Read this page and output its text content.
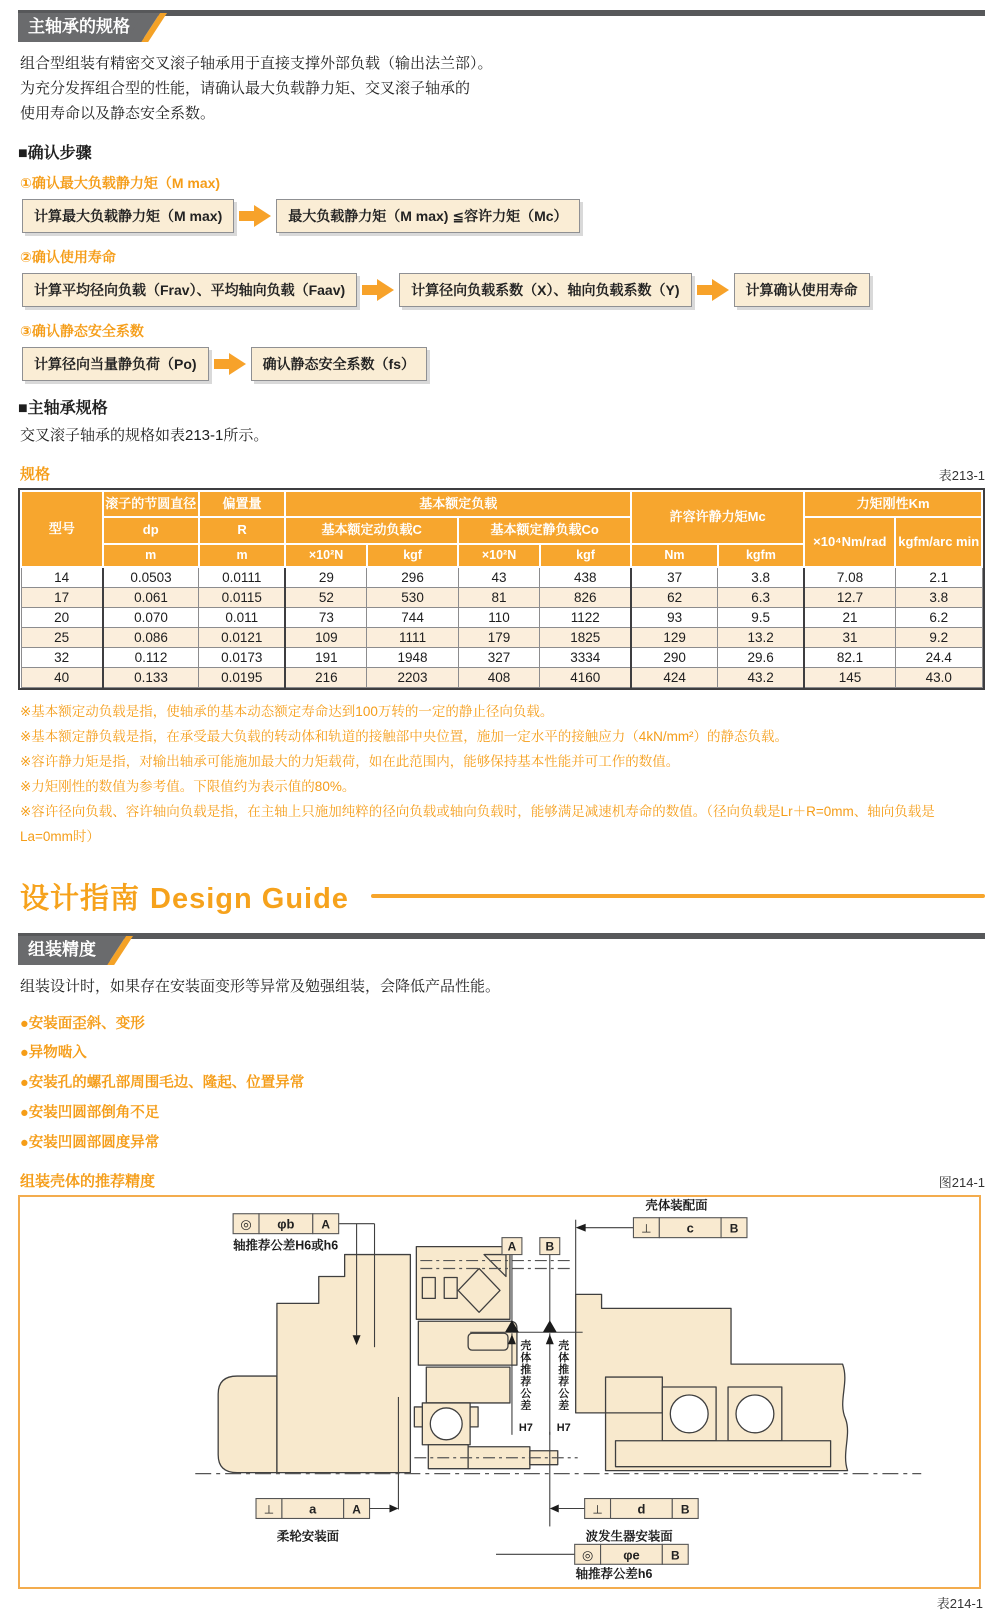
主轴承的规格
组合型组装有精密交叉滚子轴承用于直接支撑外部负载（输出法兰部）。
为充分发挥组合型的性能，请确认最大负载静力矩、交叉滚子轴承的
使用寿命以及静态安全系数。
■确认步骤
①确认最大负载静力矩（M max)
计算最大负载静力矩（M max)	最大负载静力矩（M max) ≦容许力矩（Mc）
②确认使用寿命
计算平均径向负载（Frav）、平均轴向负载（Faav)	计算径向负载系数（X）、轴向负载系数（Y)	计算确认使用寿命
③确认静态安全系数
计算径向当量静负荷（Po)	确认静态安全系数（fs）
■主轴承规格
交叉滚子轴承的规格如表213-1所示。
规格	表213-1
型号	滚子的节圆直径	偏置量	基本额定负载				許容许静力矩Mc		力矩刚性Km	
	dp	R	基本额定动负载C		基本额定静负载Co				×10⁴Nm/rad	kgfm/arc min
	m	m	×10²N	kgf	×10²N	kgf	Nm	kgfm		
14	0.0503	0.0111	29	296	43	438	37	3.8	7.08	2.1
17	0.061	0.0115	52	530	81	826	62	6.3	12.7	3.8
20	0.070	0.011	73	744	110	1122	93	9.5	21	6.2
25	0.086	0.0121	109	1111	179	1825	129	13.2	31	9.2
32	0.112	0.0173	191	1948	327	3334	290	29.6	82.1	24.4
40	0.133	0.0195	216	2203	408	4160	424	43.2	145	43.0
※基本额定动负载是指，使轴承的基本动态额定寿命达到100万转的一定的静止径向负载。
※基本额定静负载是指，在承受最大负载的转动体和轨道的接触部中央位置，施加一定水平的接触应力（4kN/mm²）的静态负载。
※容许静力矩是指，对输出轴承可能施加最大的力矩载荷，如在此范围内，能够保持基本性能并可工作的数值。
※力矩刚性的数值为参考值。下限值约为表示值的80%。
※容许径向负载、容许轴向负载是指，在主轴上只施加纯粹的径向负载或轴向负载时，能够满足减速机寿命的数值。（径向负载是Lr＋R=0mm、轴向负载是La=0mm时）
设计指南 Design Guide
组装精度
组装设计时，如果存在安装面变形等异常及勉强组装，会降低产品性能。
●安装面歪斜、变形
●异物啮入
●安装孔的螺孔部周围毛边、隆起、位置异常
●安装凹圆部倒角不足
●安装凹圆部圆度异常
组装壳体的推荐精度	图214-1
◎ φb A
轴推荐公差H6或h6	A B
壳体推荐公差
H7
壳体推荐公差
H7
壳体装配面
⊥	c	B
⊥	a	A
柔轮安装面
⊥	d	B
波发生器安装面
◎ φe	B
轴推荐公差h6
表214-1
